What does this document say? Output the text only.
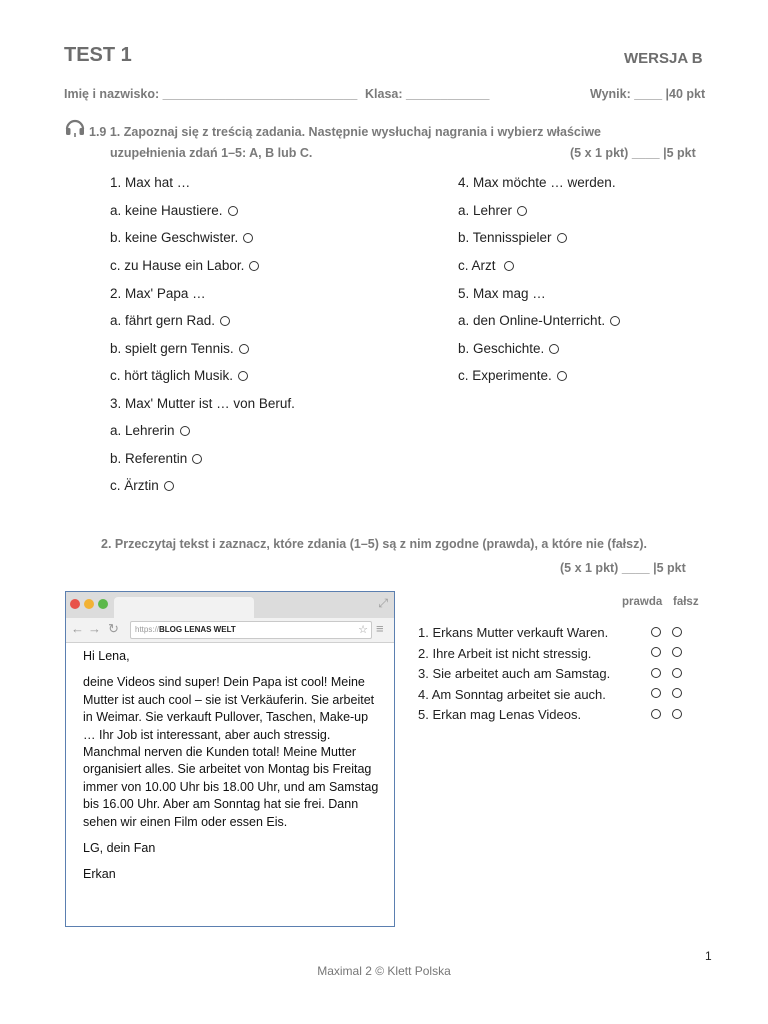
TEST 1	WERSJA B
Imię i nazwisko: ____________________________ Klasa: ____________	Wynik: ____ |40 pkt
1.9 1. Zapoznaj się z treścią zadania. Następnie wysłuchaj nagrania i wybierz właściwe
uzupełnienia zdań 1–5: A, B lub C.	(5 x 1 pkt) ____ |5 pkt
1. Max hat …
a. keine Haustiere.
b. keine Geschwister.
c. zu Hause ein Labor.
2. Max' Papa …
a. fährt gern Rad.
b. spielt gern Tennis.
c. hört täglich Musik.
3. Max' Mutter ist … von Beruf.
a. Lehrerin
b. Referentin
c. Ärztin
4. Max möchte … werden.
a. Lehrer
b. Tennisspieler
c. Arzt
5. Max mag …
a. den Online-Unterricht.
b. Geschichte.
c. Experimente.
2. Przeczytaj tekst i zaznacz, które zdania (1–5) są z nim zgodne (prawda), a które nie (fałsz).
(5 x 1 pkt) ____ |5 pkt
⤢
← → ↻	https://BLOG LENAS WELT	☆ ≡

Hi Lena,

deine Videos sind super! Dein Papa ist cool! Meine Mutter ist auch cool – sie ist Verkäuferin. Sie arbeitet in Weimar. Sie verkauft Pullover, Taschen, Make-up … Ihr Job ist interessant, aber auch stressig. Manchmal nerven die Kunden total! Meine Mutter organisiert alles. Sie arbeitet von Montag bis Freitag immer von 10.00 Uhr bis 18.00 Uhr, und am Samstag bis 16.00 Uhr. Aber am Sonntag hat sie frei. Dann sehen wir einen Film oder essen Eis.

LG, dein Fan

Erkan

prawda fałsz
1. Erkans Mutter verkauft Waren.
2. Ihre Arbeit ist nicht stressig.
3. Sie arbeitet auch am Samstag.
4. Am Sonntag arbeitet sie auch.
5. Erkan mag Lenas Videos.
1
Maximal 2 © Klett Polska
